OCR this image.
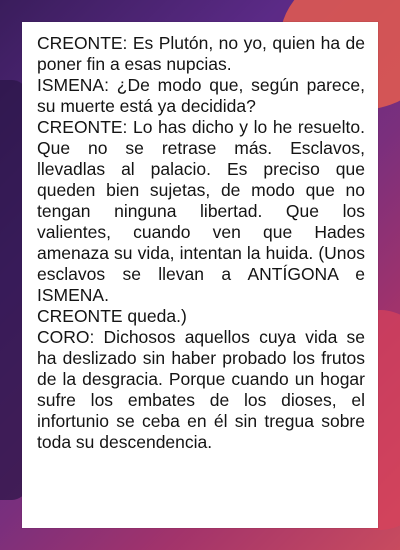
CREONTE: Es Plutón, no yo, quien ha de poner fin a esas nupcias.

ISMENA: ¿De modo que, según parece, su muerte está ya decidida?

CREONTE: Lo has dicho y lo he resuelto. Que no se retrase más. Esclavos, llevadlas al palacio. Es preciso que queden bien sujetas, de modo que no tengan ninguna libertad. Que los valientes, cuando ven que Hades amenaza su vida, intentan la huida. (Unos esclavos se llevan a ANTÍGONA e ISMENA.

CREONTE queda.)

CORO: Dichosos aquellos cuya vida se ha deslizado sin haber probado los frutos de la desgracia. Porque cuando un hogar sufre los embates de los dioses, el infortunio se ceba en él sin tregua sobre toda su descendencia.
